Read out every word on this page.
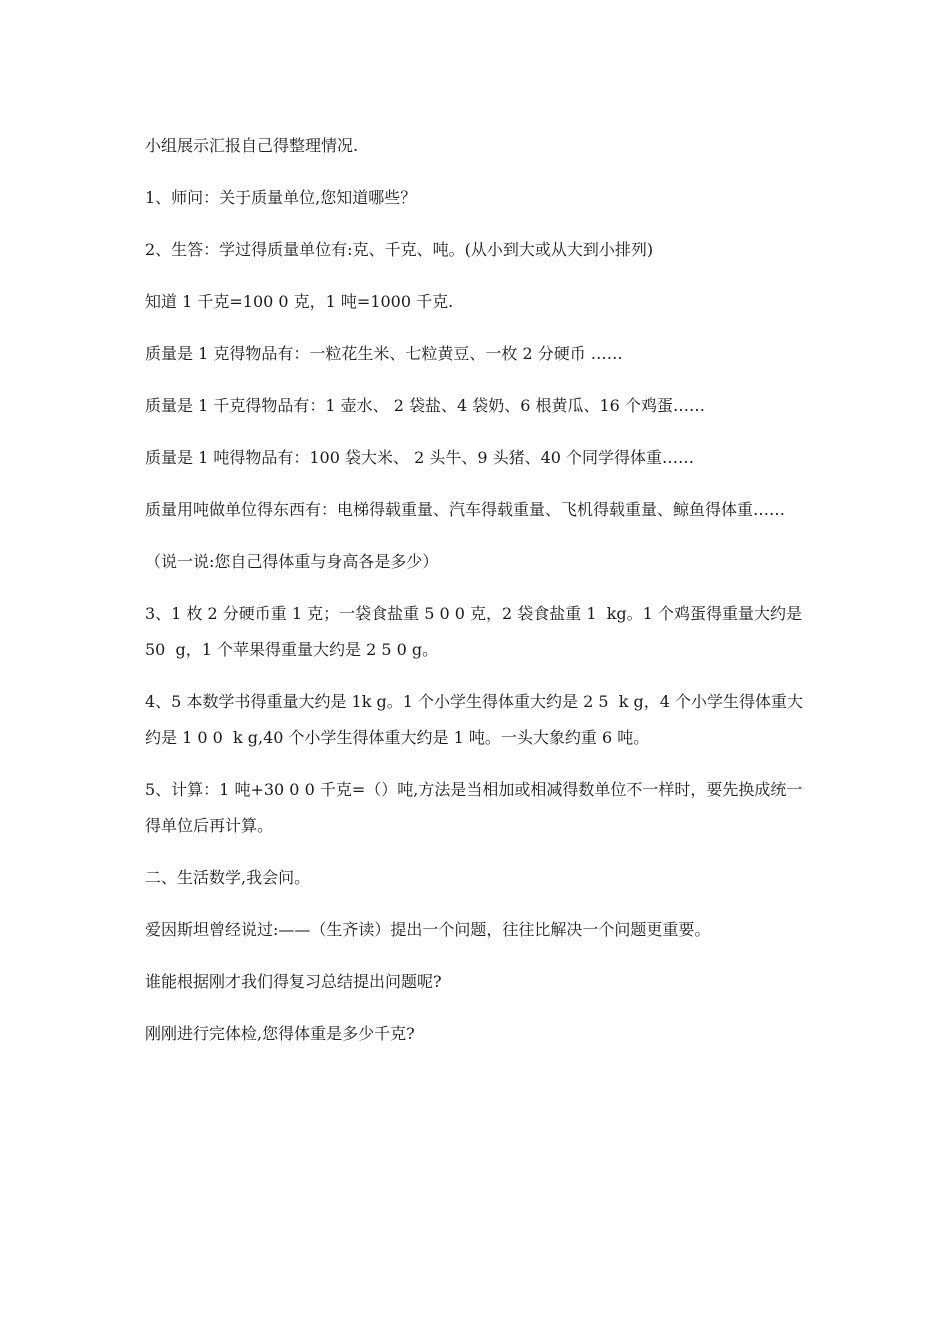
小组展示汇报自己得整理情况.

1、师问：关于质量单位,您知道哪些？

2、生答：学过得质量单位有:克、千克、吨。(从小到大或从大到小排列)

知道 1 千克=100 0 克，1 吨=1000 千克.

质量是 1 克得物品有：一粒花生米、七粒黄豆、一枚 2 分硬币 ……

质量是 1 千克得物品有：1 壶水、 2 袋盐、4 袋奶、6 根黄瓜、16 个鸡蛋……

质量是 1 吨得物品有：100 袋大米、 2 头牛、9 头猪、40 个同学得体重……

质量用吨做单位得东西有：电梯得载重量、汽车得载重量、飞机得载重量、鲸鱼得体重……

（说一说:您自己得体重与身高各是多少）

3、1 枚 2 分硬币重 1 克；一袋食盐重 5 0 0 克，2 袋食盐重 1  kg。1 个鸡蛋得重量大约是 50  g，1 个苹果得重量大约是 2 5 0 g。

4、5 本数学书得重量大约是 1k g。1 个小学生得体重大约是 2 5  k g，4 个小学生得体重大约是 1 0 0  k g,40 个小学生得体重大约是 1 吨。一头大象约重 6 吨。

5、计算：1 吨+30 0 0 千克=（）吨,方法是当相加或相减得数单位不一样时，要先换成统一得单位后再计算。

二、生活数学,我会问。

爱因斯坦曾经说过:——（生齐读）提出一个问题，往往比解决一个问题更重要。

谁能根据刚才我们得复习总结提出问题呢?

刚刚进行完体检,您得体重是多少千克?
